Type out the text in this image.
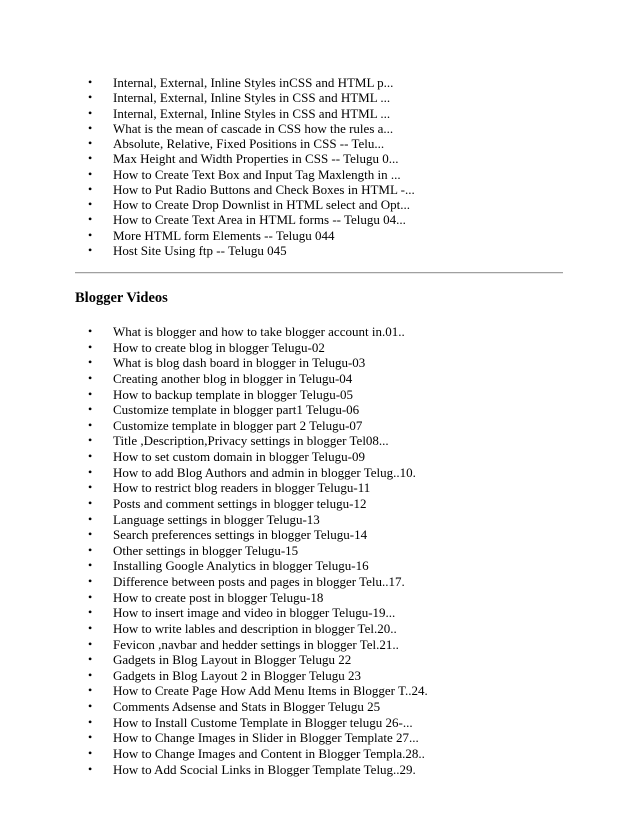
• Internal, External, Inline Styles inCSS and HTML p...
• Internal, External, Inline Styles in CSS and HTML ...
• Internal, External, Inline Styles in CSS and HTML ...
• What is the mean of cascade in CSS how the rules a...
• Absolute, Relative, Fixed Positions in CSS -- Telu...
• Max Height and Width Properties in CSS -- Telugu 0...
• How to Create Text Box and Input Tag Maxlength in ...
• How to Put Radio Buttons and Check Boxes in HTML -...
• How to Create Drop Downlist in HTML select and Opt...
• How to Create Text Area in HTML forms -- Telugu 04...
• More HTML form Elements -- Telugu 044
• Host Site Using ftp -- Telugu 045
Blogger Videos
• What is blogger and how to take blogger account in.01..
• How to create blog in blogger Telugu-02
• What is blog dash board in blogger in Telugu-03
• Creating another blog in blogger in Telugu-04
• How to backup template in blogger Telugu-05
• Customize template in blogger part1 Telugu-06
• Customize template in blogger part 2 Telugu-07
• Title ,Description,Privacy settings in blogger Tel08...
• How to set custom domain in blogger Telugu-09
• How to add Blog Authors and admin in blogger Telug..10.
• How to restrict blog readers in blogger Telugu-11
• Posts and comment settings in blogger telugu-12
• Language settings in blogger Telugu-13
• Search preferences settings in blogger Telugu-14
• Other settings in blogger Telugu-15
• Installing Google Analytics in blogger Telugu-16
• Difference between posts and pages in blogger Telu..17.
• How to create post in blogger Telugu-18
• How to insert image and video in blogger Telugu-19...
• How to write lables and description in blogger Tel.20..
• Fevicon ,navbar and hedder settings in blogger Tel.21..
• Gadgets in Blog Layout in Blogger Telugu 22
• Gadgets in Blog Layout 2 in Blogger Telugu 23
• How to Create Page How Add Menu Items in Blogger T..24.
• Comments Adsense and Stats in Blogger Telugu 25
• How to Install Custome Template in Blogger telugu 26-...
• How to Change Images in Slider in Blogger Template 27...
• How to Change Images and Content in Blogger Templa.28..
• How to Add Scocial Links in Blogger Template Telug..29.
